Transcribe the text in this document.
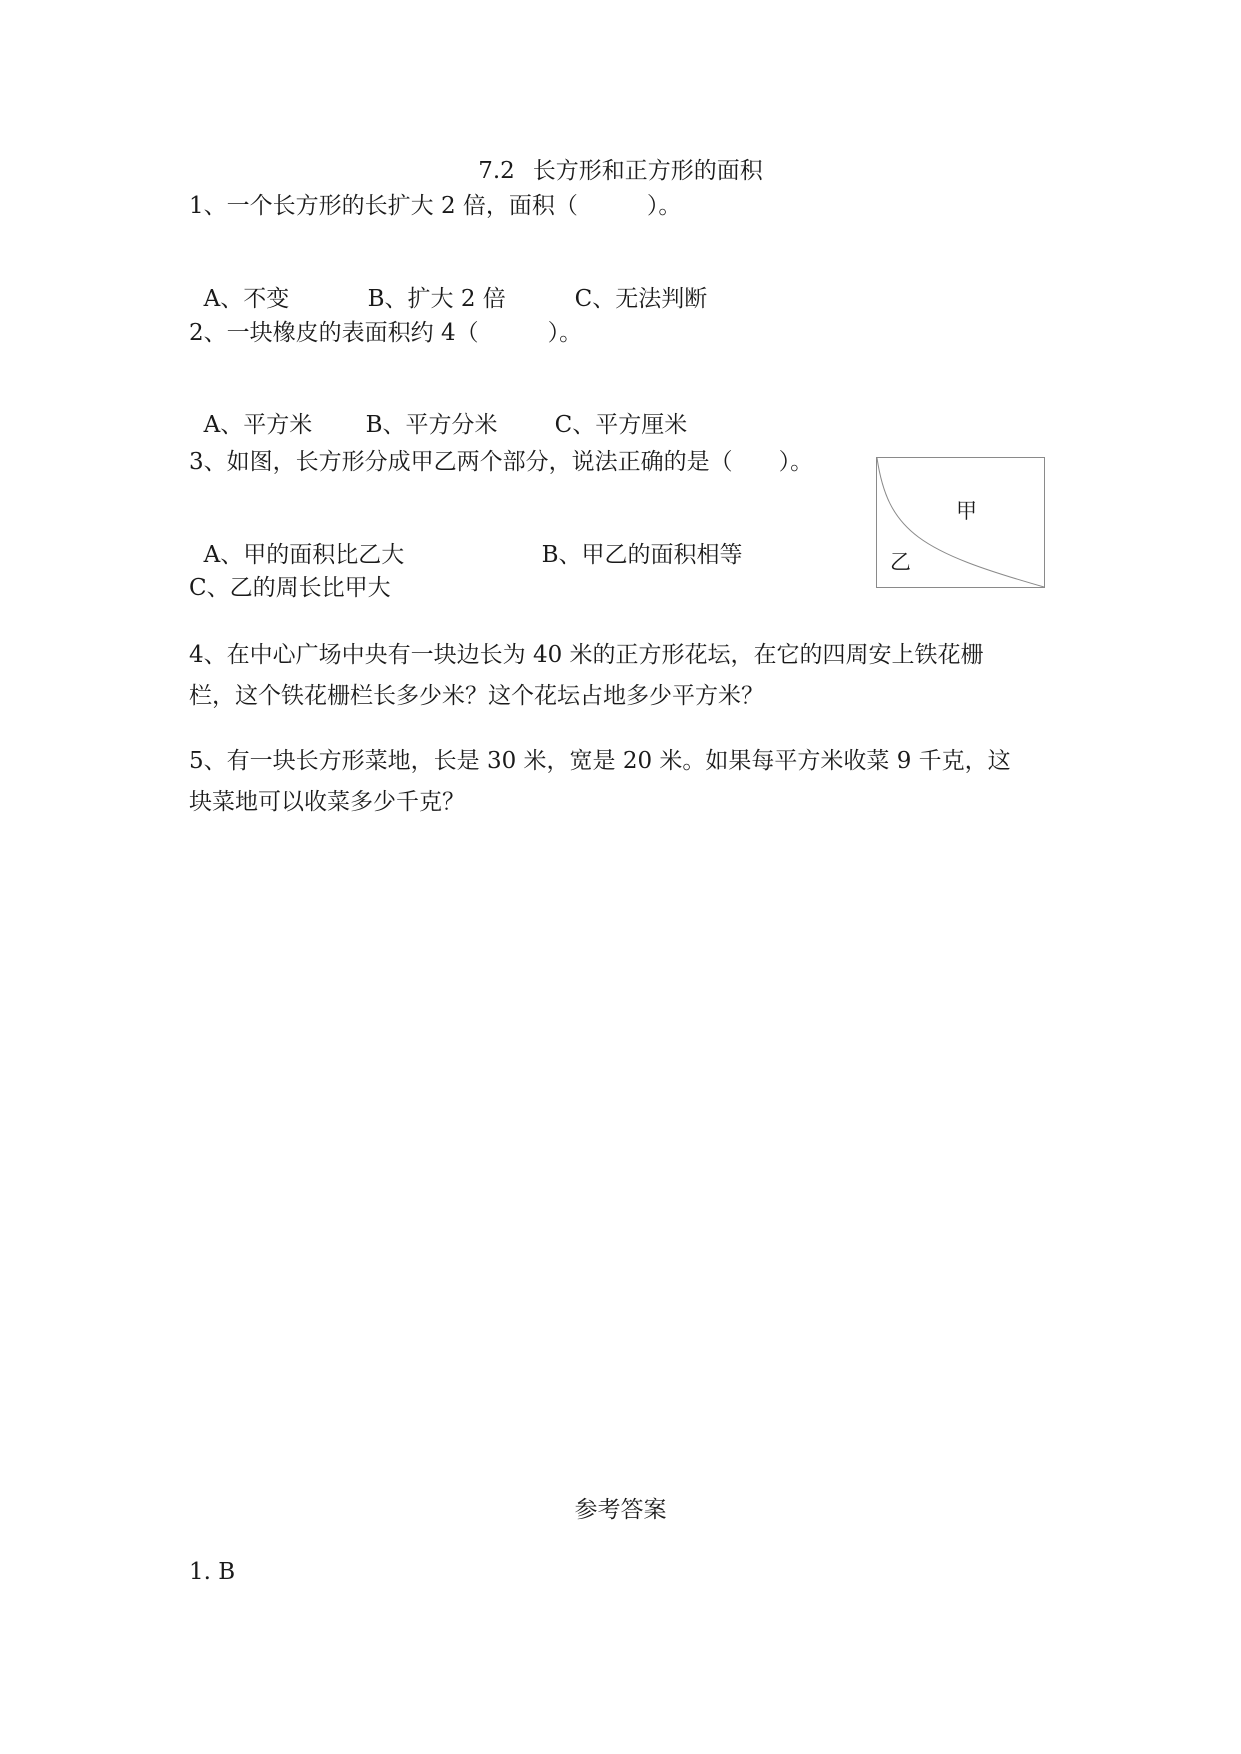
7.2 长方形和正方形的面积
1、一个长方形的长扩大 2 倍，面积（　　　）。

A、不变	B、扩大 2 倍	C、无法判断

2、一块橡皮的表面积约 4（　　　）。

A、平方米 B、平方分米 C、平方厘米

3、如图，长方形分成甲乙两个部分，说法正确的是（　　）。

A、甲的面积比乙大	B、甲乙的面积相等

C、乙的周长比甲大
甲
乙
4、在中心广场中央有一块边长为 40 米的正方形花坛，在它的四周安上铁花栅
栏，这个铁花栅栏长多少米？这个花坛占地多少平方米？
5、有一块长方形菜地，长是 30 米，宽是 20 米。如果每平方米收菜 9 千克，这
块菜地可以收菜多少千克？
参考答案
1. B
